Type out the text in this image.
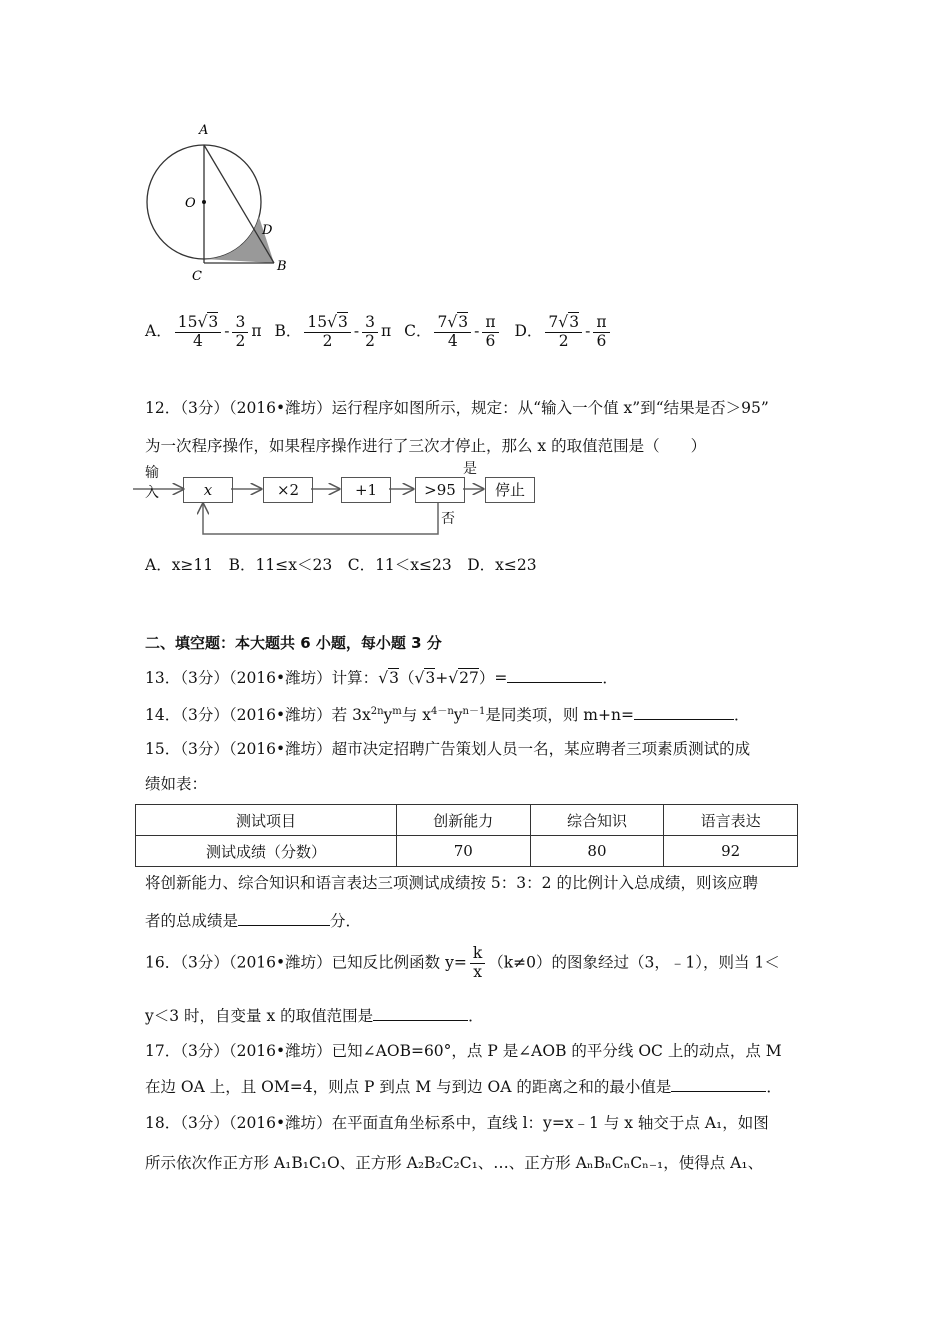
A
O
D
C
B
A． $\frac{15√3}{4} - \frac{3}{2}$ π B． $\frac{15√3}{2} - \frac{3}{2}$ π C． $\frac{7√3}{4} - \frac{\pi}{6}$ D． $\frac{7√3}{2} - \frac{\pi}{6}$
12．（3分）（2016•潍坊）运行程序如图所示，规定：从“输入一个值 x”到“结果是否＞95”
为一次程序操作，如果程序操作进行了三次才停止，那么 x 的取值范围是（　　）
输入	x	×2	+1	>95
是
停止
否
A．x≥11　B．11≤x＜23　C．11＜x≤23　D．x≤23
二、填空题：本大题共 6 小题，每小题 3 分
13．（3分）（2016•潍坊）计算：√3（√3+√27）=	．
14．（3分）（2016•潍坊）若 $3x^{2n}y^m$与 $x^{4-n}y^{n-1}$是同类项，则 m+n=	．
15．（3分）（2016•潍坊）超市决定招聘广告策划人员一名，某应聘者三项素质测试的成
绩如表：
测试项目	创新能力	综合知识	语言表达
测试成绩（分数）	70	80	92
将创新能力、综合知识和语言表达三项测试成绩按 5：3：2 的比例计入总成绩，则该应聘
者的总成绩是	分．
16．（3分）（2016•潍坊）已知反比例函数 $y= \frac{k}{x} (k\ne 0)$的图象经过（3，﹣1），则当 1＜
y＜3 时，自变量 x 的取值范围是	．
17．（3分）（2016•潍坊）已知∠AOB=60°，点 P 是∠AOB 的平分线 OC 上的动点，点 M
在边 OA 上，且 OM=4，则点 P 到点 M 与到边 OA 的距离之和的最小值是	．
18．（3分）（2016•潍坊）在平面直角坐标系中，直线 l：y=x﹣1 与 x 轴交于点 A₁，如图
所示依次作正方形 A₁B₁C₁O、正方形 A₂B₂C₂C₁、…、正方形 AₙBₙCₙCₙ₋₁，使得点 A₁、
